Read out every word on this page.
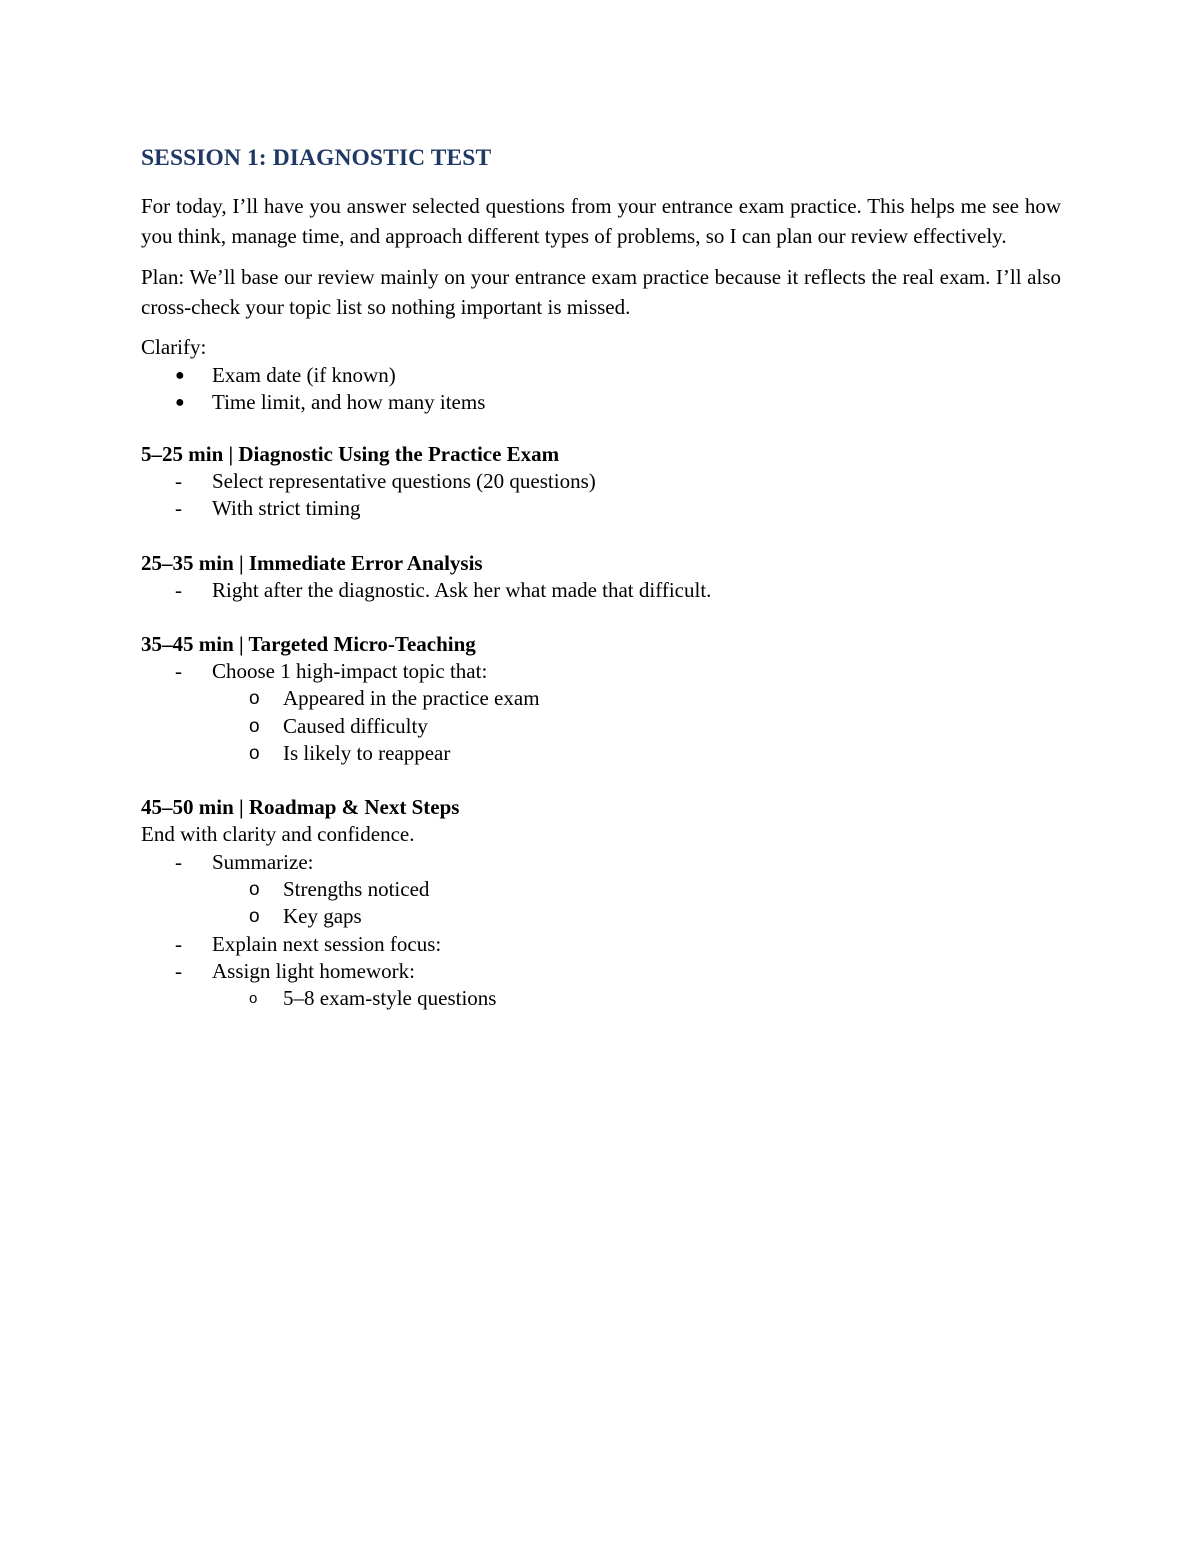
SESSION 1: DIAGNOSTIC TEST

For today, I’ll have you answer selected questions from your entrance exam practice. This helps me see how you think, manage time, and approach different types of problems, so I can plan our review effectively.

Plan: We’ll base our review mainly on your entrance exam practice because it reflects the real exam. I’ll also cross-check your topic list so nothing important is missed.

Clarify:
● Exam date (if known)
● Time limit, and how many items
5–25 min | Diagnostic Using the Practice Exam
- Select representative questions (20 questions)
- With strict timing
25–35 min | Immediate Error Analysis
- Right after the diagnostic. Ask her what made that difficult.
35–45 min | Targeted Micro-Teaching
- Choose 1 high-impact topic that:
o Appeared in the practice exam
o Caused difficulty
o Is likely to reappear
45–50 min | Roadmap & Next Steps
End with clarity and confidence.
- Summarize:
o Strengths noticed
o Key gaps
- Explain next session focus:
- Assign light homework:
o 5–8 exam-style questions
